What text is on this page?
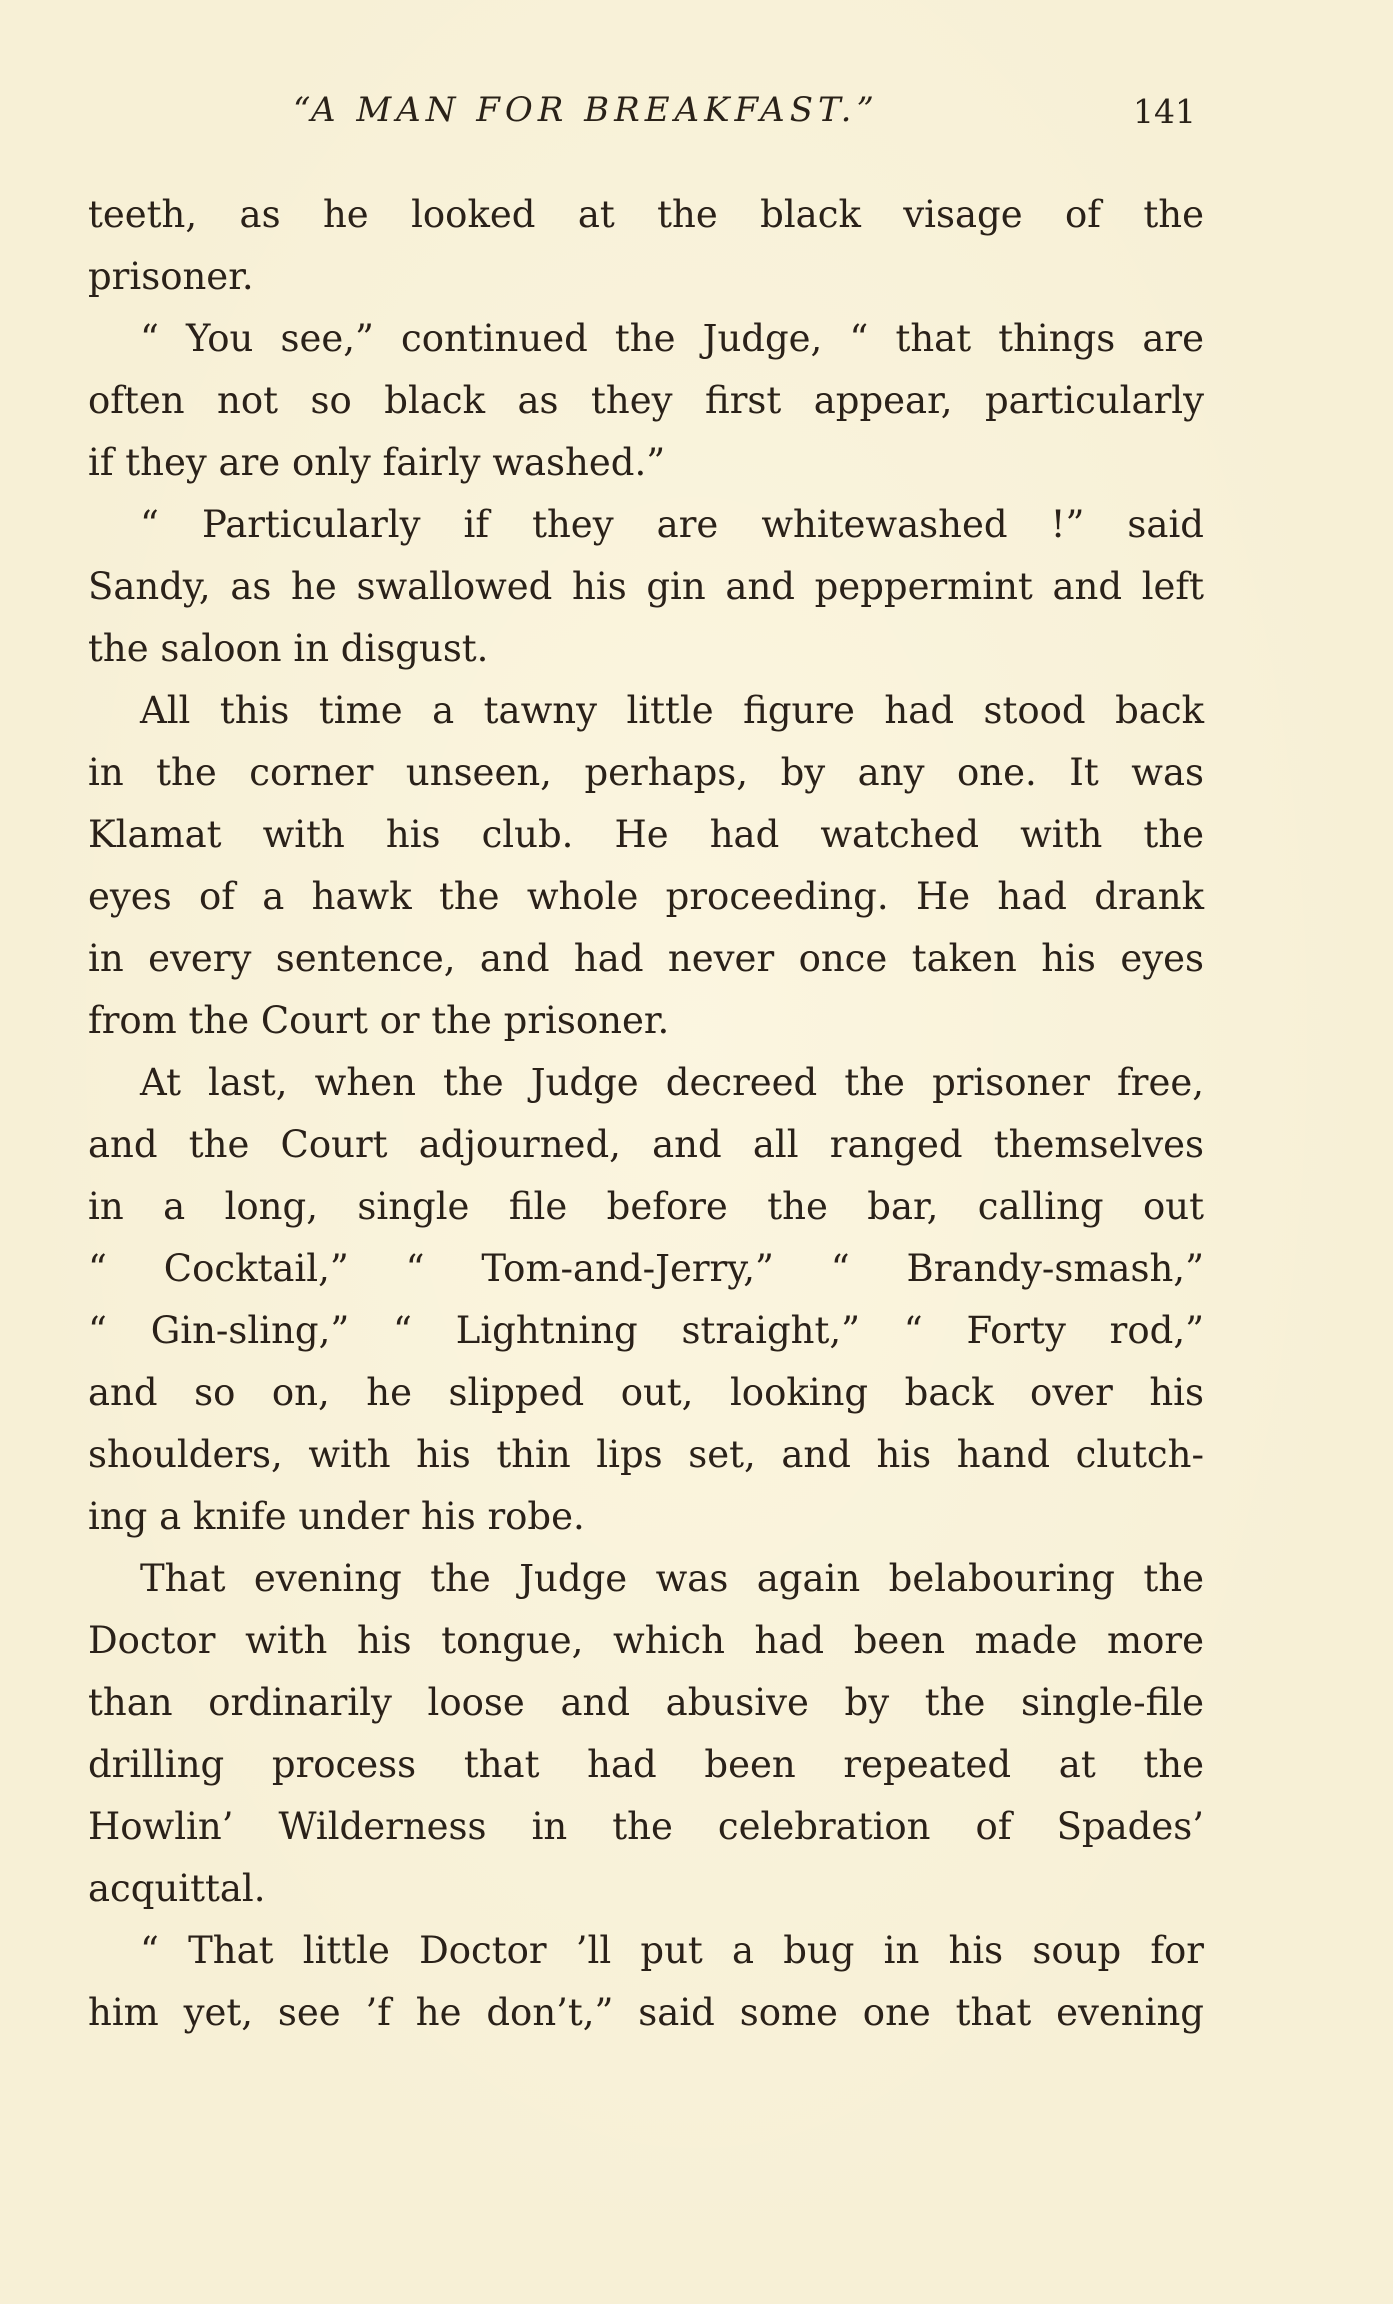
“A MAN FOR BREAKFAST.”	141
teeth, as he looked at the black visage of the
prisoner.
“ You see,” continued the Judge, “ that things are
often not so black as they first appear, particularly
if they are only fairly washed.”
“ Particularly if they are whitewashed !” said
Sandy, as he swallowed his gin and peppermint and left
the saloon in disgust.
All this time a tawny little figure had stood back
in the corner unseen, perhaps, by any one. It was
Klamat with his club. He had watched with the
eyes of a hawk the whole proceeding. He had drank
in every sentence, and had never once taken his eyes
from the Court or the prisoner.
At last, when the Judge decreed the prisoner free,
and the Court adjourned, and all ranged themselves
in a long, single file before the bar, calling out
“ Cocktail,” “ Tom-and-Jerry,” “ Brandy-smash,”
“ Gin-sling,” “ Lightning straight,” “ Forty rod,”
and so on, he slipped out, looking back over his
shoulders, with his thin lips set, and his hand clutch-
ing a knife under his robe.
That evening the Judge was again belabouring the
Doctor with his tongue, which had been made more
than ordinarily loose and abusive by the single-file
drilling process that had been repeated at the
Howlin’ Wilderness in the celebration of Spades’
acquittal.
“ That little Doctor ’ll put a bug in his soup for
him yet, see ’f he don’t,” said some one that evening
